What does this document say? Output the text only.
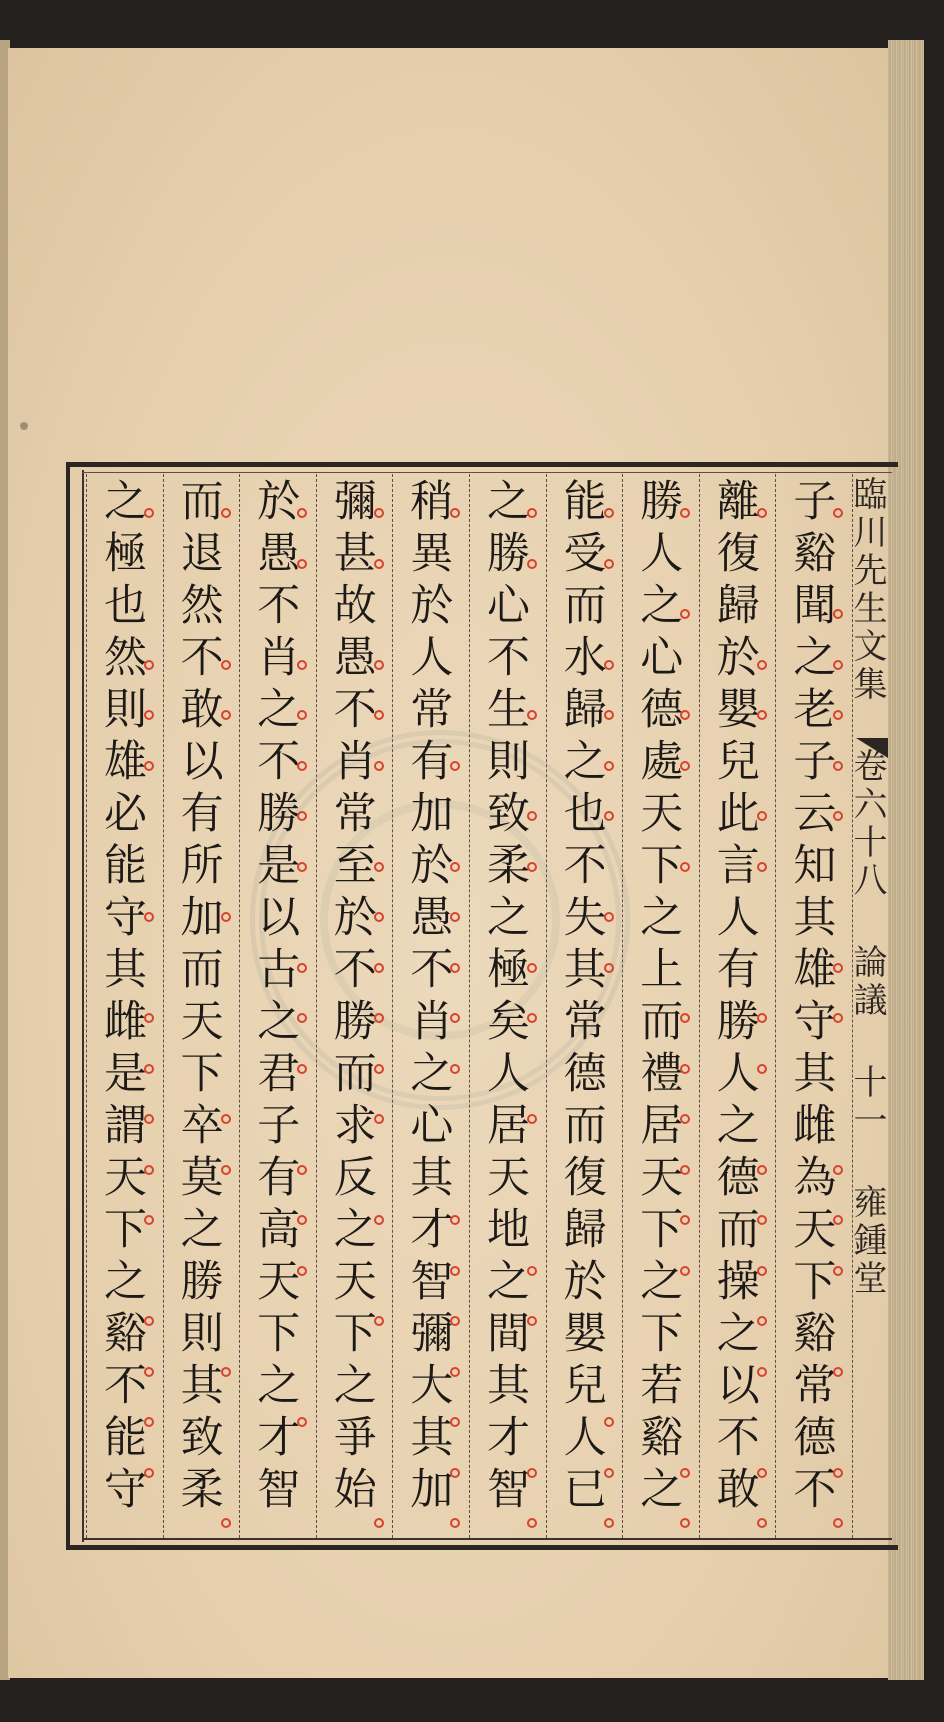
臨川先生文集 卷六十八 論議 十一 雍鍾堂
子谿聞之老子云知其雄守其雌為天下谿常德不
離復歸於嬰兒此言人有勝人之德而操之以不敢
勝人之心德處天下之上而禮居天下之下若谿之
能受而水歸之也不失其常德而復歸於嬰兒人已
之勝心不生則致柔之極矣人居天地之間其才智
稍異於人常有加於愚不肖之心其才智彌大其加
彌甚故愚不肖常至於不勝而求反之天下之爭始
於愚不肖之不勝是以古之君子有高天下之才智
而退然不敢以有所加而天下卒莫之勝則其致柔
之極也然則雄必能守其雌是謂天下之谿不能守
